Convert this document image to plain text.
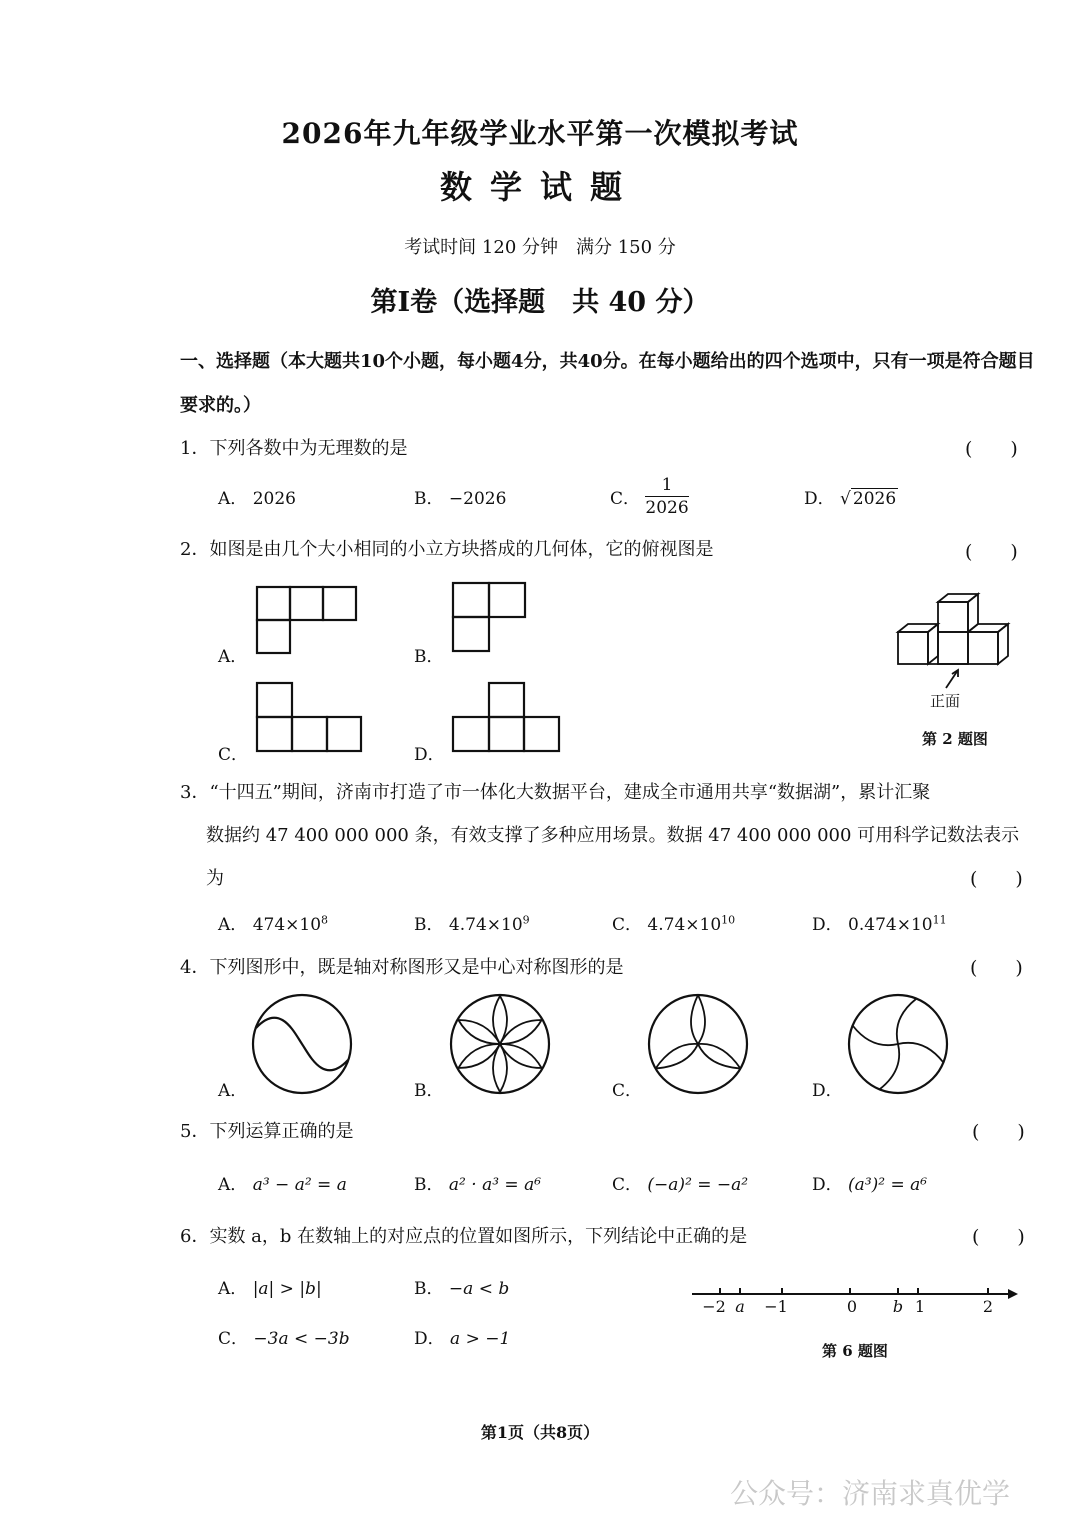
2026年九年级学业水平第一次模拟考试
数学试题
考试时间 120 分钟　满分 150 分
第Ⅰ卷（选择题　共 40 分）
一、选择题（本大题共10个小题，每小题4分，共40分。在每小题给出的四个选项中，只有一项是符合题目要求的。）
1．下列各数中为无理数的是	(　　)
A． 2026	B． −2026	C． $\frac{1}{2026}$	D． √ 2026
2．如图是由几个大小相同的小立方块搭成的几何体，它的俯视图是	(　　)
A．	B．
C．	D．
正面
第 2 题图
3．“十四五”期间，济南市打造了市一体化大数据平台，建成全市通用共享“数据湖”，累计汇聚
数据约 47 400 000 000 条，有效支撑了多种应用场景。数据 47 400 000 000 可用科学记数法表示
为	(　　)
A． $474\times 10^8$	B． $4.74\times 10^9$	C． $4.74\times 10^{10}$	D． $0.474\times 10^{11}$
4．下列图形中，既是轴对称图形又是中心对称图形的是	(　　)
A．	B．	C．	D．
5．下列运算正确的是	(　　)
A． a³ − a² = a	B． a² · a³ = a⁶	C． (−a)² = −a²	D． (a³)² = a⁶
6．实数 a，b 在数轴上的对应点的位置如图所示，下列结论中正确的是	(　　)
A． |a| > |b|	B． −a < b
C． −3a < −3b	D． a > −1
−2 a −1	0 b 1	2
第 6 题图
第1页（共8页）
公众号：济南求真优学
